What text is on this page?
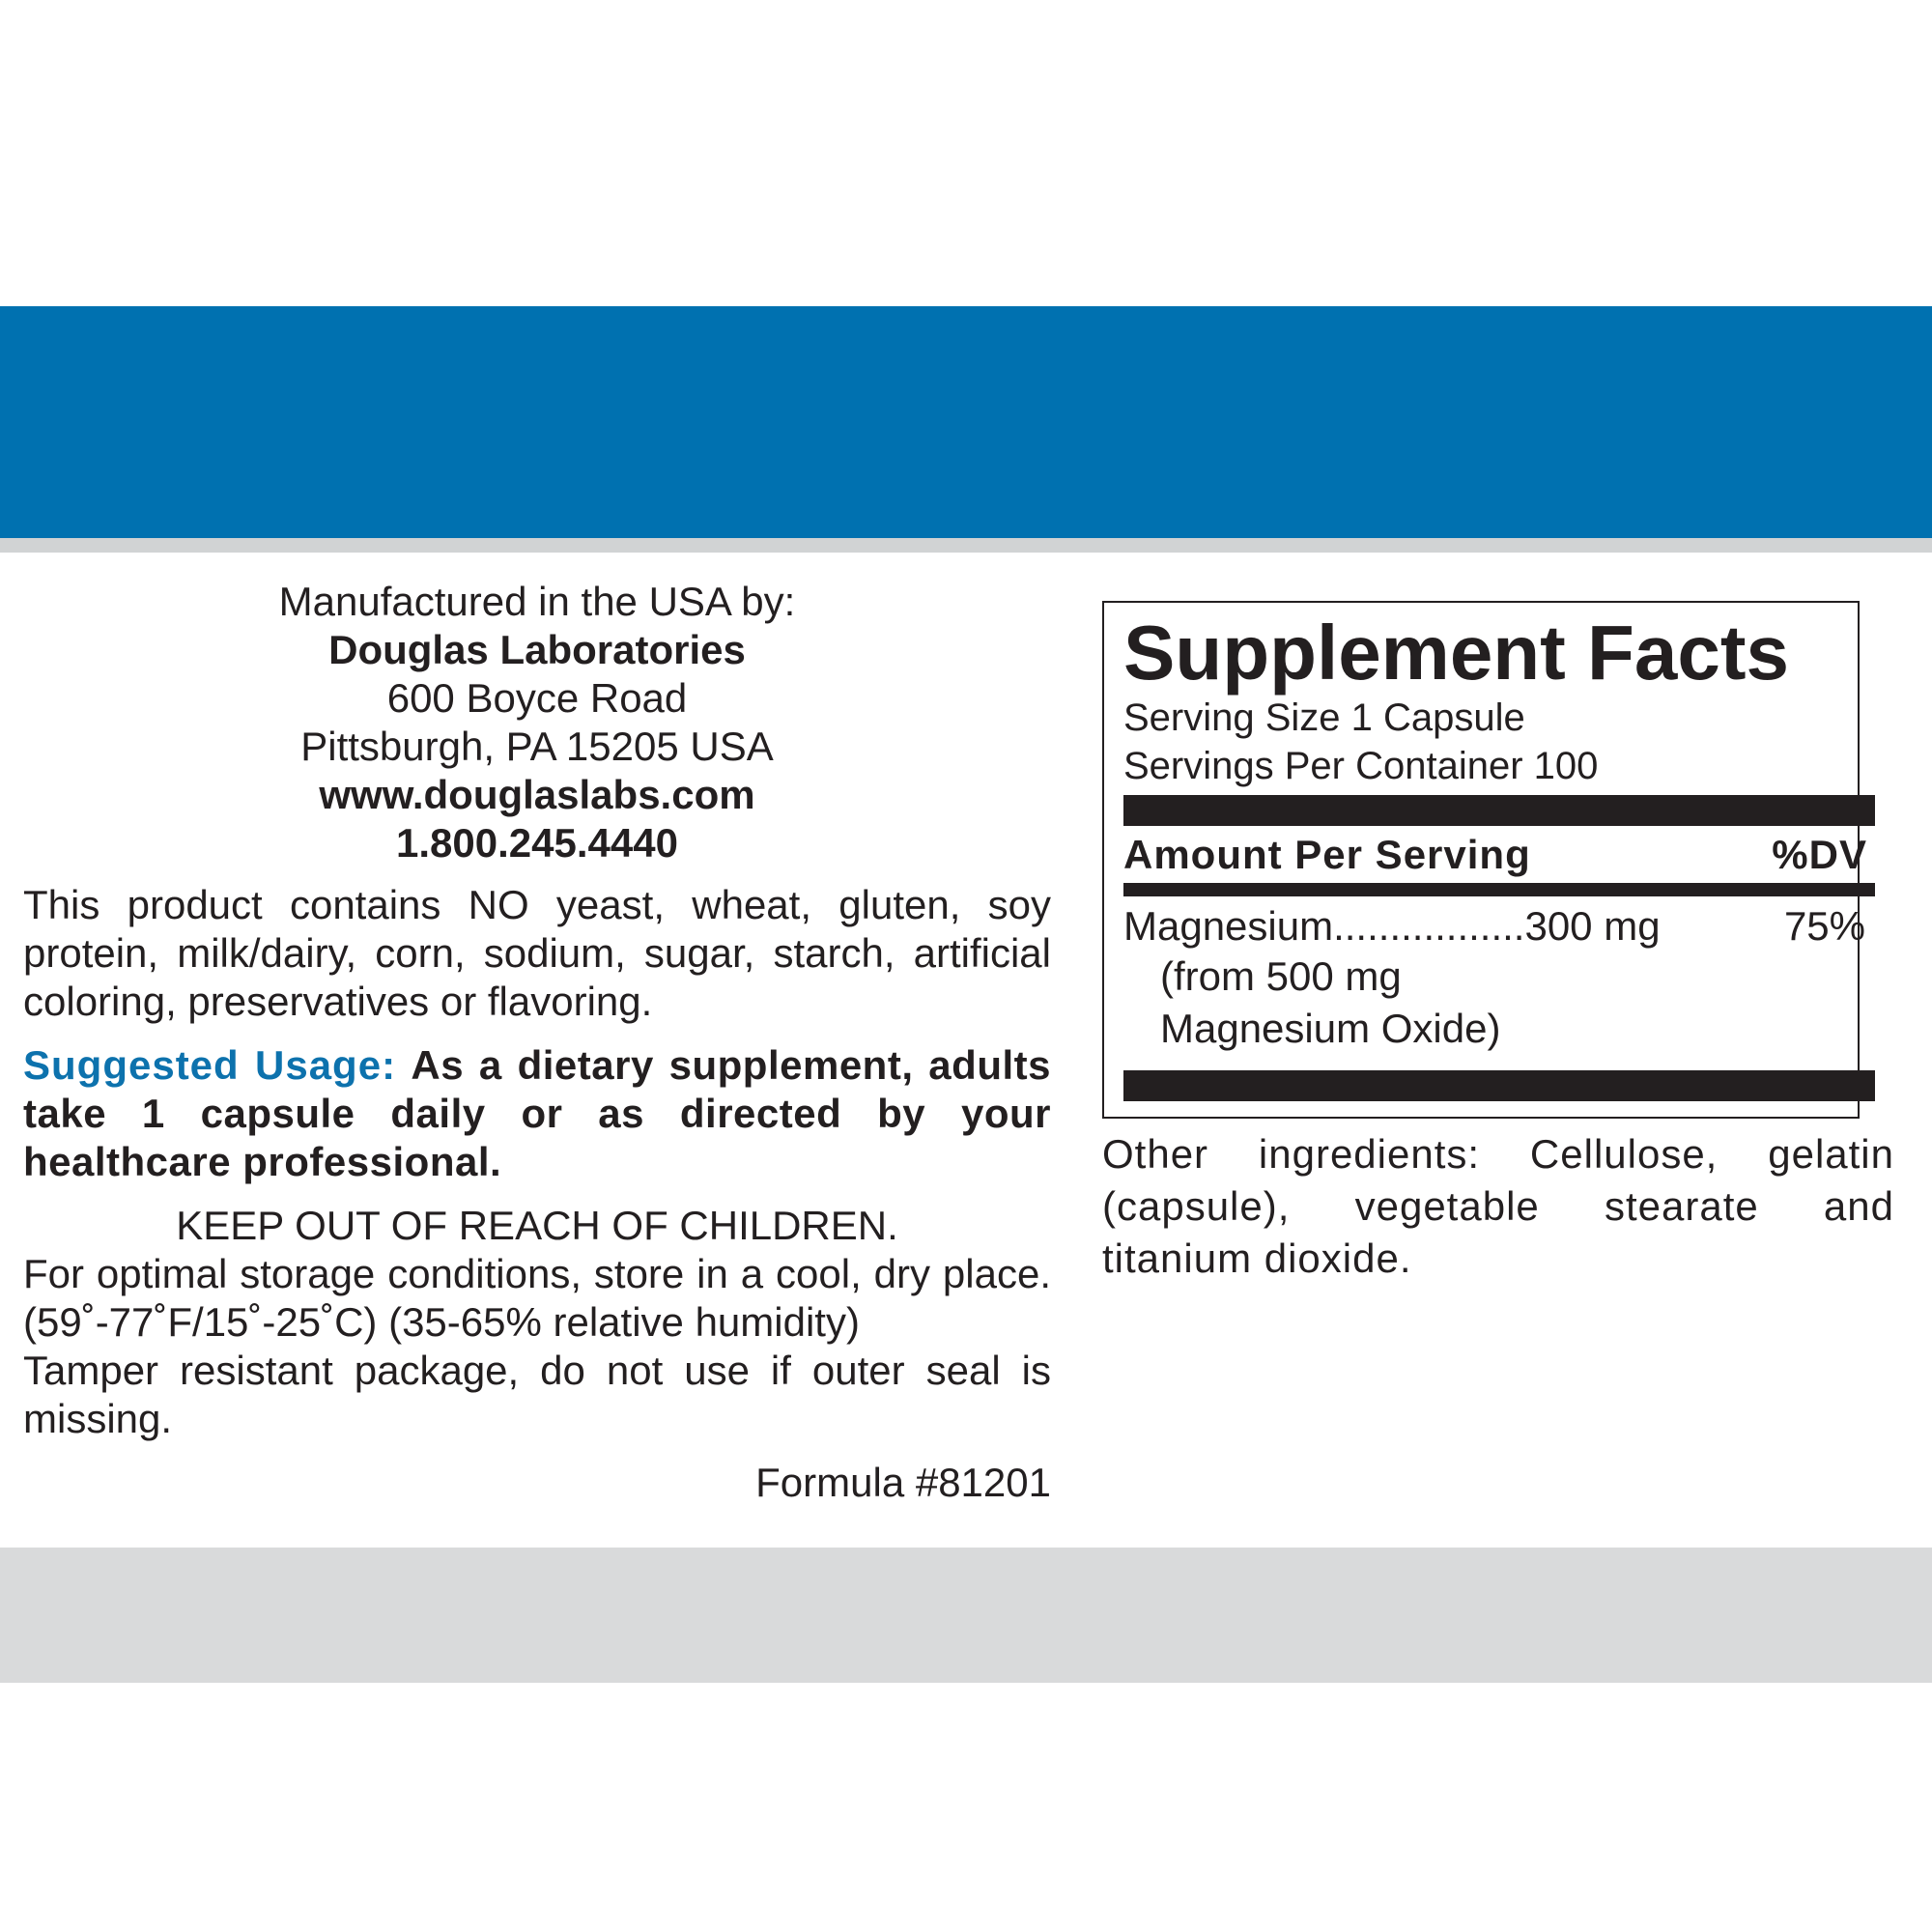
Manufactured in the USA by:
Douglas Laboratories
600 Boyce Road
Pittsburgh, PA 15205 USA
www.douglaslabs.com
1.800.245.4440
This product contains NO yeast, wheat, gluten, soy protein, milk/dairy, corn, sodium, sugar, starch, artificial coloring, preservatives or flavoring.
Suggested Usage: As a dietary supplement, adults take 1 capsule daily or as directed by your healthcare professional.
KEEP OUT OF REACH OF CHILDREN.
For optimal storage conditions, store in a cool, dry place. (59˚-77˚F/15˚-25˚C) (35-65% relative humidity)
Tamper resistant package, do not use if outer seal is missing.
Formula #81201
Supplement Facts
Serving Size 1 Capsule
Servings Per Container 100
Amount Per Serving	%DV
Magnesium.................300 mg	75%
(from 500 mg
Magnesium Oxide)
Other ingredients: Cellulose, gelatin (capsule), vegetable stearate and titanium dioxide.
